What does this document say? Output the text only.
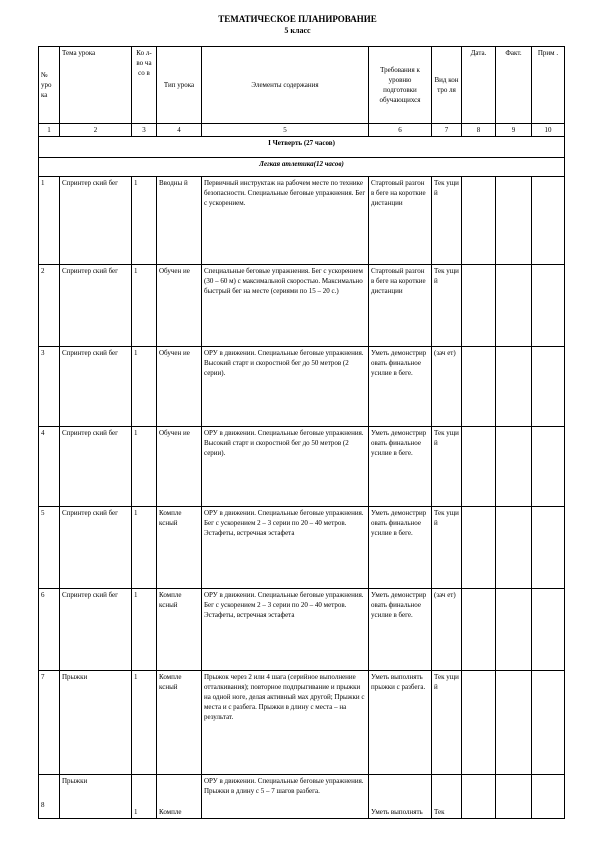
ТЕМАТИЧЕСКОЕ ПЛАНИРОВАНИЕ
5 класс
№ уро ка	Тема урока	Ко л- во ча со в	Тип урока	Элементы содержания	Требования к уровню подготовки обучающихся	Вид кон тро ля	Дата.	Факт.	Прим .
1	2	3	4	5	6	7	8	9	10
I Четверть (27 часов)									
Легкая атлетика(12 часов)									
1	Спринтер ский бег	1	Вводны й	Первичный инструктаж на рабочем месте по технике безопасности. Специальные беговые упражнения. Бег с ускорением.	Стартовый разгон в беге на короткие дистанции	Тек ущи й			
2	Спринтер ский бег	1	Обучен ие	Специальные беговые упражнения. Бег с ускорением (30 – 60 м) с максимальной скоростью. Максимально быстрый бег на месте (сериями по 15 – 20 с.)	Стартовый разгон в беге на короткие дистанции	Тек ущи й			
3	Спринтер ский бег	1	Обучен ие	ОРУ в движении. Специальные беговые упражнения. Высокий старт и скоростной бег до 50 метров (2 серии).	Уметь демонстрир овать финальное усилие в беге.	(зач ет)			
4	Спринтер ский бег	1	Обучен ие	ОРУ в движении. Специальные беговые упражнения. Высокий старт и скоростной бег до 50 метров (2 серии).	Уметь демонстрир овать финальное усилие в беге.	Тек ущи й			
5	Спринтер ский бег	1	Компле ксный	ОРУ в движении. Специальные беговые упражнения. Бег с ускорением 2 – 3 серии по 20 – 40 метров. Эстафеты, встречная эстафета	Уметь демонстрир овать финальное усилие в беге.	Тек ущи й			
6	Спринтер ский бег	1	Компле ксный	ОРУ в движении. Специальные беговые упражнения. Бег с ускорением 2 – 3 серии по 20 – 40 метров. Эстафеты, встречная эстафета	Уметь демонстрир овать финальное усилие в беге.	(зач ет)			
7	Прыжки	1	Компле ксный	Прыжок через 2 или 4 шага (серийное выполнение отталкивания); повторное подпрыгивание и прыжки на одной ноге, делая активный мах другой; Прыжки с места и с разбега. Прыжки в длину с места – на результат.	Уметь выполнять прыжки с разбега.	Тек ущи й			
8	Прыжки	1	Компле	ОРУ в движении. Специальные беговые упражнения. Прыжки в длину с 5 – 7 шагов разбега.	Уметь выполнять	Тек			
